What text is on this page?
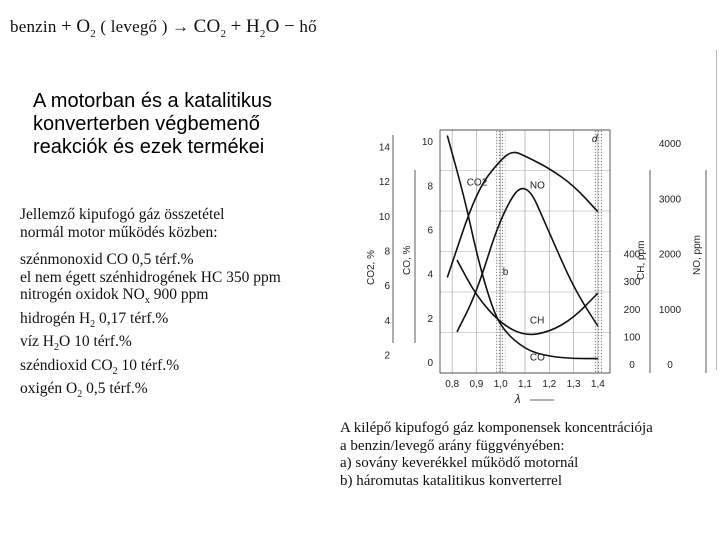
benzin + $O_2$ ( levegő ) → $CO_2 + H_2O$ − hő
A motorban és a katalitikus
konverterben végbemenő
reakciók és ezek termékei
Jellemző kipufogó gáz összetétel
normál motor működés közben:
szénmonoxid CO 0,5 térf.%
el nem égett szénhidrogének HC 350 ppm
nitrogén oxidok $NO_x$ 900 ppm
hidrogén $H_2$ 0,17 térf.%
víz $H_2O$ 10 térf.%
széndioxid $CO_2$ 10 térf.%
oxigén $O_2$ 0,5 térf.%	0,8 0,9 1,0 1,1 1,2 1,3 1,4
λ
14
12
10
8
6
4
2
CO2, %
10
8
6
4
2
0
CO, %	400
300
200
100
0
CH, ppm
4000
3000
2000
1000
0
NO, ppm
CO2	NO
CH
CO
b
d
A kilépő kipufogó gáz komponensek koncentrációja
a benzin/levegő arány függvényében:
a) sovány keverékkel működő motornál
b) háromutas katalitikus konverterrel
